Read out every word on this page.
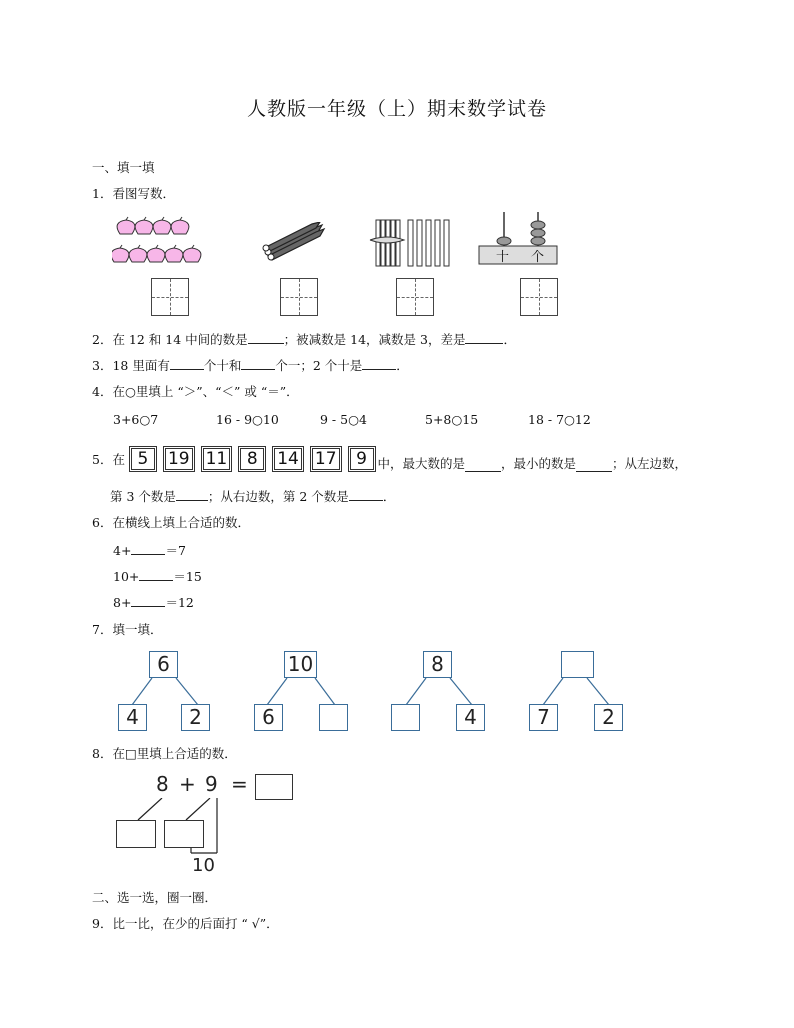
人教版一年级（上）期末数学试卷
一、填一填
1．看图写数．
十 个
2．在 12 和 14 中间的数是	；被减数是 14，减数是 3，差是	．
3．18 里面有	个十和	个一；2 个十是	．
4．在○里填上 “＞”、“＜” 或 “＝”．
3+6○7	16 ‑ 9○10	9 ‑ 5○4	5+8○15	18 ‑ 7○12
5．在 5	19 11	8	14 17	9 中，最大数的是	，最小的数是	；从左边数，
第 3 个数是	；从右边数，第 2 个数是	．
6．在横线上填上合适的数．
4+	＝7
10+	＝15
8+	＝12
7．填一填．
6
4	2
10
6
8
4	7	2
8．在□里填上合适的数．
8 + 9 =
10
二、选一选，圈一圈．
9．比一比，在少的后面打 “ √”．
